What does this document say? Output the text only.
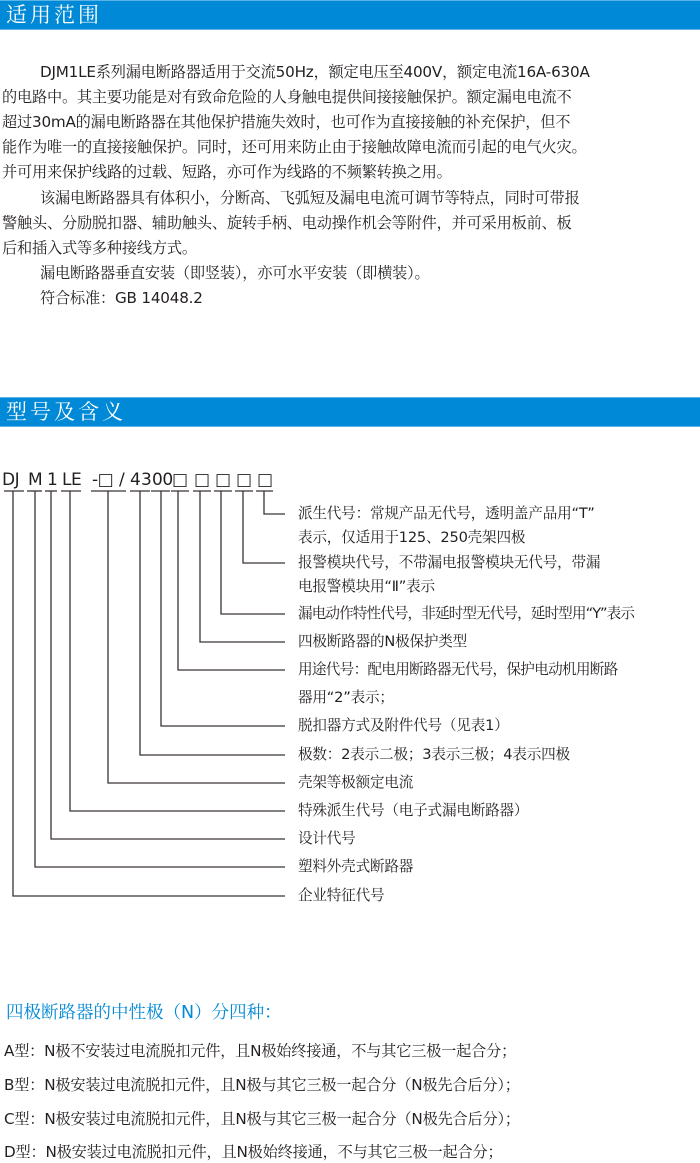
适用范围
DJM1LE系列漏电断路器适用于交流50Hz，额定电压至400V，额定电流16A-630A
的电路中。其主要功能是对有致命危险的人身触电提供间接接触保护。额定漏电电流不
超过30mA的漏电断路器在其他保护措施失效时，也可作为直接接触的补充保护，但不
能作为唯一的直接接触保护。同时，还可用来防止由于接触故障电流而引起的电气火灾。
并可用来保护线路的过载、短路，亦可作为线路的不频繁转换之用。
该漏电断路器具有体积小，分断高、飞弧短及漏电电流可调节等特点，同时可带报
警触头、分励脱扣器、辅助触头、旋转手柄、电动操作机会等附件，并可采用板前、板
后和插入式等多种接线方式。
漏电断路器垂直安装（即竖装），亦可水平安装（即横装）。
符合标准：GB 14048.2
型号及含义
DJ M 1 LE -□ / 4 3 00 □ □ □ □ □
派生代号：常规产品无代号，透明盖产品用“T”
表示，仅适用于125、250壳架四极
报警模块代号，不带漏电报警模块无代号，带漏
电报警模块用“Ⅱ”表示
漏电动作特性代号，非延时型无代号，延时型用“Y”表示
四极断路器的N极保护类型
用途代号：配电用断路器无代号，保护电动机用断路
器用“2”表示；
脱扣器方式及附件代号（见表1）
极数：2表示二极；3表示三极；4表示四极
壳架等极额定电流
特殊派生代号（电子式漏电断路器）
设计代号
塑料外壳式断路器
企业特征代号
四极断路器的中性极（N）分四种：
A型：N极不安装过电流脱扣元件，且N极始终接通，不与其它三极一起合分；
B型：N极安装过电流脱扣元件，且N极与其它三极一起合分（N极先合后分）；
C型：N极安装过电流脱扣元件，且N极与其它三极一起合分（N极先合后分）；
D型：N极安装过电流脱扣元件，且N极始终接通，不与其它三极一起合分；
